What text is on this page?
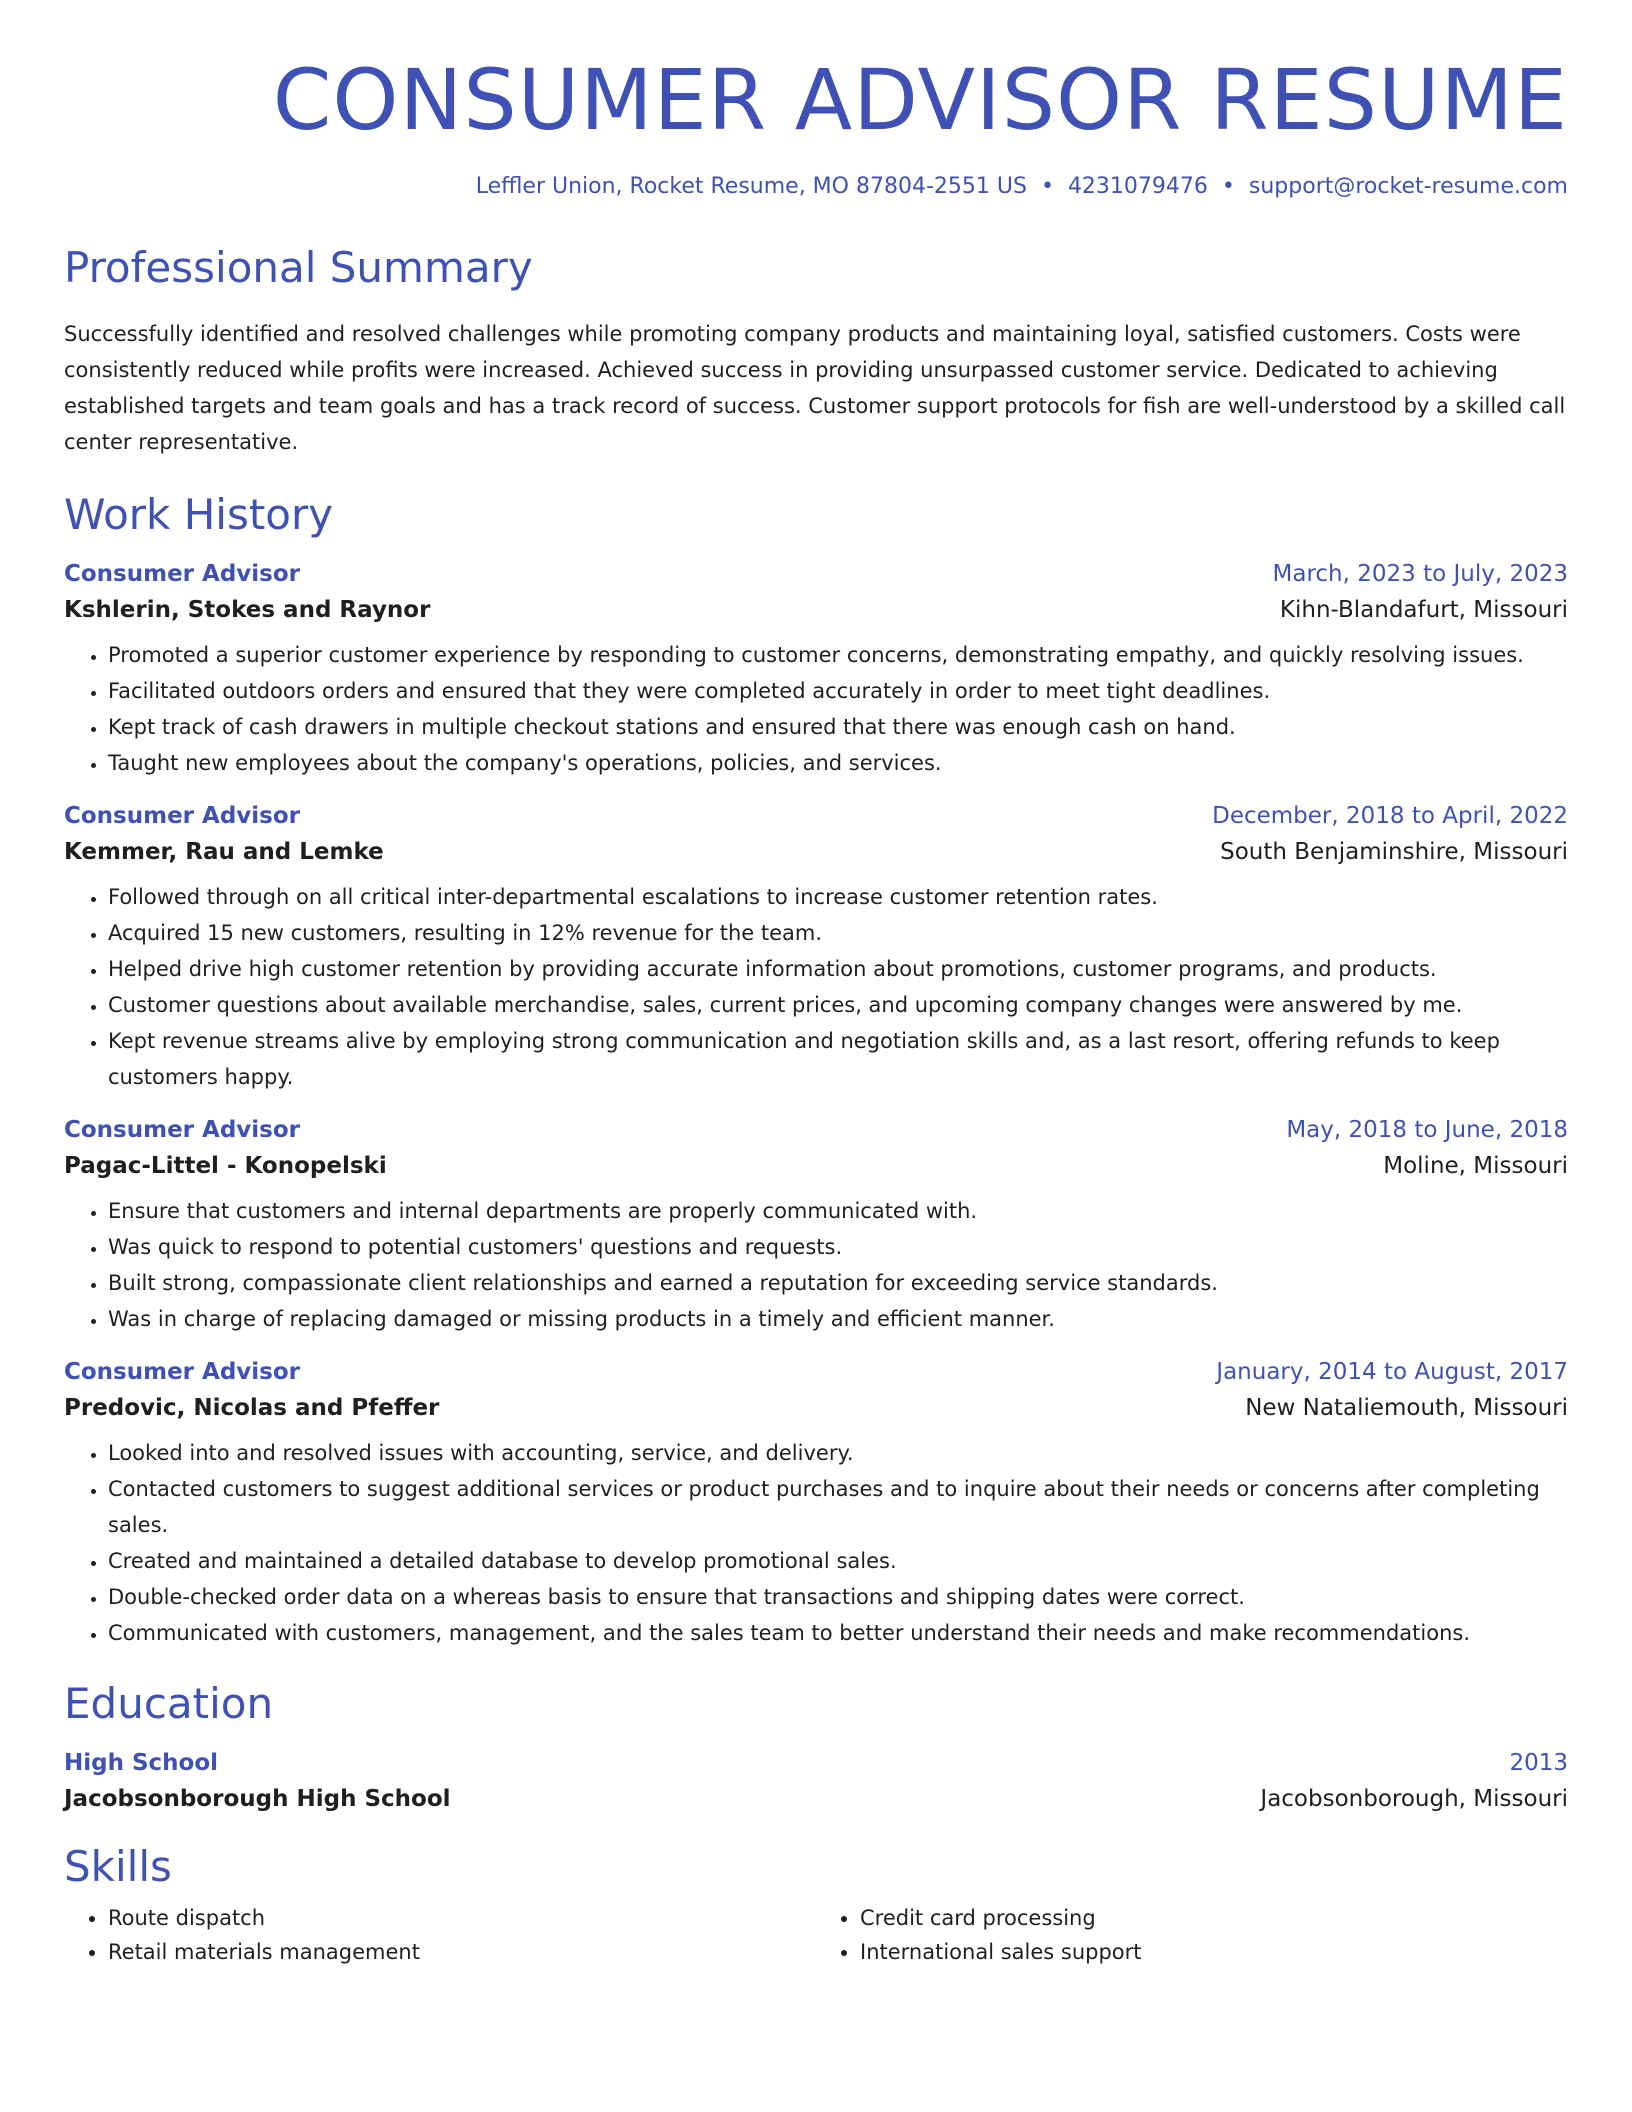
CONSUMER ADVISOR RESUME
Leffler Union, Rocket Resume, MO 87804-2551 US • 4231079476 • support@rocket-resume.com
Professional Summary

Successfully identified and resolved challenges while promoting company products and maintaining loyal, satisfied customers. Costs were consistently reduced while profits were increased. Achieved success in providing unsurpassed customer service. Dedicated to achieving established targets and team goals and has a track record of success. Customer support protocols for fish are well-understood by a skilled call center representative.

Work History
Consumer Advisor	March, 2023 to July, 2023
Kshlerin, Stokes and Raynor	Kihn-Blandafurt, Missouri
• Promoted a superior customer experience by responding to customer concerns, demonstrating empathy, and quickly resolving issues.
• Facilitated outdoors orders and ensured that they were completed accurately in order to meet tight deadlines.
• Kept track of cash drawers in multiple checkout stations and ensured that there was enough cash on hand.
• Taught new employees about the company's operations, policies, and services.
Consumer Advisor	December, 2018 to April, 2022
Kemmer, Rau and Lemke	South Benjaminshire, Missouri
• Followed through on all critical inter-departmental escalations to increase customer retention rates.
• Acquired 15 new customers, resulting in 12% revenue for the team.
• Helped drive high customer retention by providing accurate information about promotions, customer programs, and products.
• Customer questions about available merchandise, sales, current prices, and upcoming company changes were answered by me.
• Kept revenue streams alive by employing strong communication and negotiation skills and, as a last resort, offering refunds to keep customers happy.
Consumer Advisor	May, 2018 to June, 2018
Pagac-Littel - Konopelski	Moline, Missouri
• Ensure that customers and internal departments are properly communicated with.
• Was quick to respond to potential customers' questions and requests.
• Built strong, compassionate client relationships and earned a reputation for exceeding service standards.
• Was in charge of replacing damaged or missing products in a timely and efficient manner.
Consumer Advisor	January, 2014 to August, 2017
Predovic, Nicolas and Pfeffer	New Nataliemouth, Missouri
• Looked into and resolved issues with accounting, service, and delivery.
• Contacted customers to suggest additional services or product purchases and to inquire about their needs or concerns after completing sales.
• Created and maintained a detailed database to develop promotional sales.
• Double-checked order data on a whereas basis to ensure that transactions and shipping dates were correct.
• Communicated with customers, management, and the sales team to better understand their needs and make recommendations.
Education
High School	2013
Jacobsonborough High School	Jacobsonborough, Missouri
Skills
• Route dispatch
• Retail materials management
• Credit card processing
• International sales support
